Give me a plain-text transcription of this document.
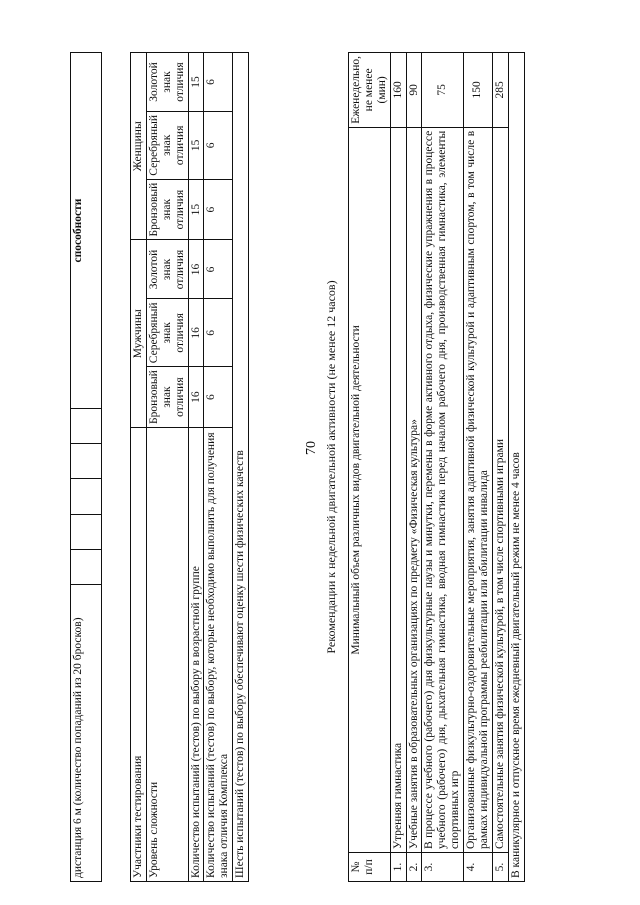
70
дистанция 6 м (количество попаданий из 20 бросков)						способности
Участники тестирования	Мужчины			Женщины		
Уровень сложности	Бронзовый знак отличия	Серебряный знак отличия	Золотой знак отличия	Бронзовый знак отличия	Серебряный знак отличия	Золотой знак отличия
Количество испытаний (тестов) по выбору в возрастной группе	16	16	16	15	15	15
Количество испытаний (тестов) по выбору, которые необходимо выполнить для получения знака отличия Комплекса	6	6	6	6	6	6
Шесть испытаний (тестов) по выбору обеспечивают оценку шести физических качеств							Рекомендации к недельной двигательной активности (не менее 12 часов)
№ п/п	Минимальный объем различных видов двигательной деятельности	Еженедельно, не менее (мин)
1.	Утренняя гимнастика	160
2.	Учебные занятия в образовательных организациях по предмету «Физическая культура»	90
3.	В процессе учебного (рабочего) дня физкультурные паузы и минутки, перемены в форме активного отдыха, физические упражнения в процессе учебного (рабочего) дня, дыхательная гимнастика, вводная гимнастика перед началом рабочего дня, производственная гимнастика, элементы спортивных игр	75
4.	Организованные физкультурно-оздоровительные мероприятия, занятия адаптивной физической культурой и адаптивным спортом, в том числе в рамках индивидуальной программы реабилитации или абилитации инвалида	150
5.	Самостоятельные занятия физической культурой, в том числе спортивными играми	285
В каникулярное и отпускное время ежедневный двигательный режим не менее 4 часов		
